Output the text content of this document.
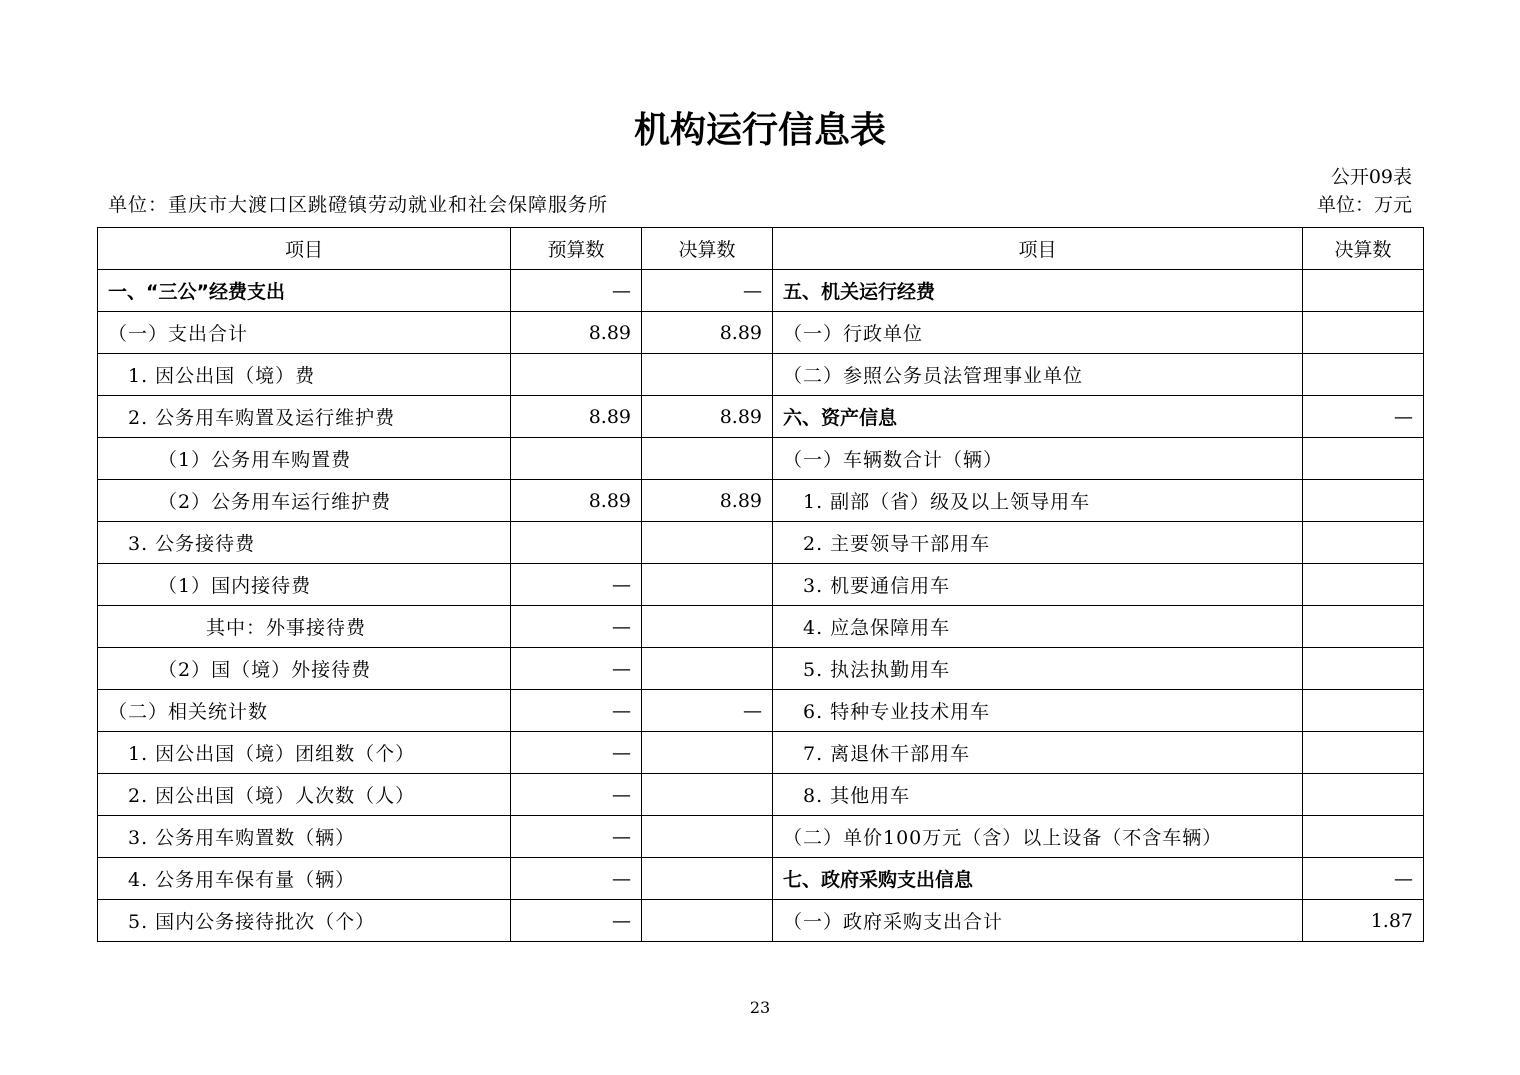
机构运行信息表
公开09表
单位：重庆市大渡口区跳磴镇劳动就业和社会保障服务所	单位：万元
项目	预算数	决算数	项目	决算数
一、“三公”经费支出	—	—	五、机关运行经费	
（一）支出合计	8.89	8.89	（一）行政单位	
1. 因公出国（境）费			（二）参照公务员法管理事业单位	
2. 公务用车购置及运行维护费	8.89	8.89	六、资产信息	—
（1）公务用车购置费			（一）车辆数合计（辆）	
（2）公务用车运行维护费	8.89	8.89	1. 副部（省）级及以上领导用车	
3. 公务接待费			2. 主要领导干部用车	
（1）国内接待费	—		3. 机要通信用车	
其中：外事接待费	—		4. 应急保障用车	
（2）国（境）外接待费	—		5. 执法执勤用车	
（二）相关统计数	—	—	6. 特种专业技术用车	
1. 因公出国（境）团组数（个）	—		7. 离退休干部用车	
2. 因公出国（境）人次数（人）	—		8. 其他用车	
3. 公务用车购置数（辆）	—		（二）单价100万元（含）以上设备（不含车辆）	
4. 公务用车保有量（辆）	—		七、政府采购支出信息	—
5. 国内公务接待批次（个）	—		（一）政府采购支出合计	1.87
23
